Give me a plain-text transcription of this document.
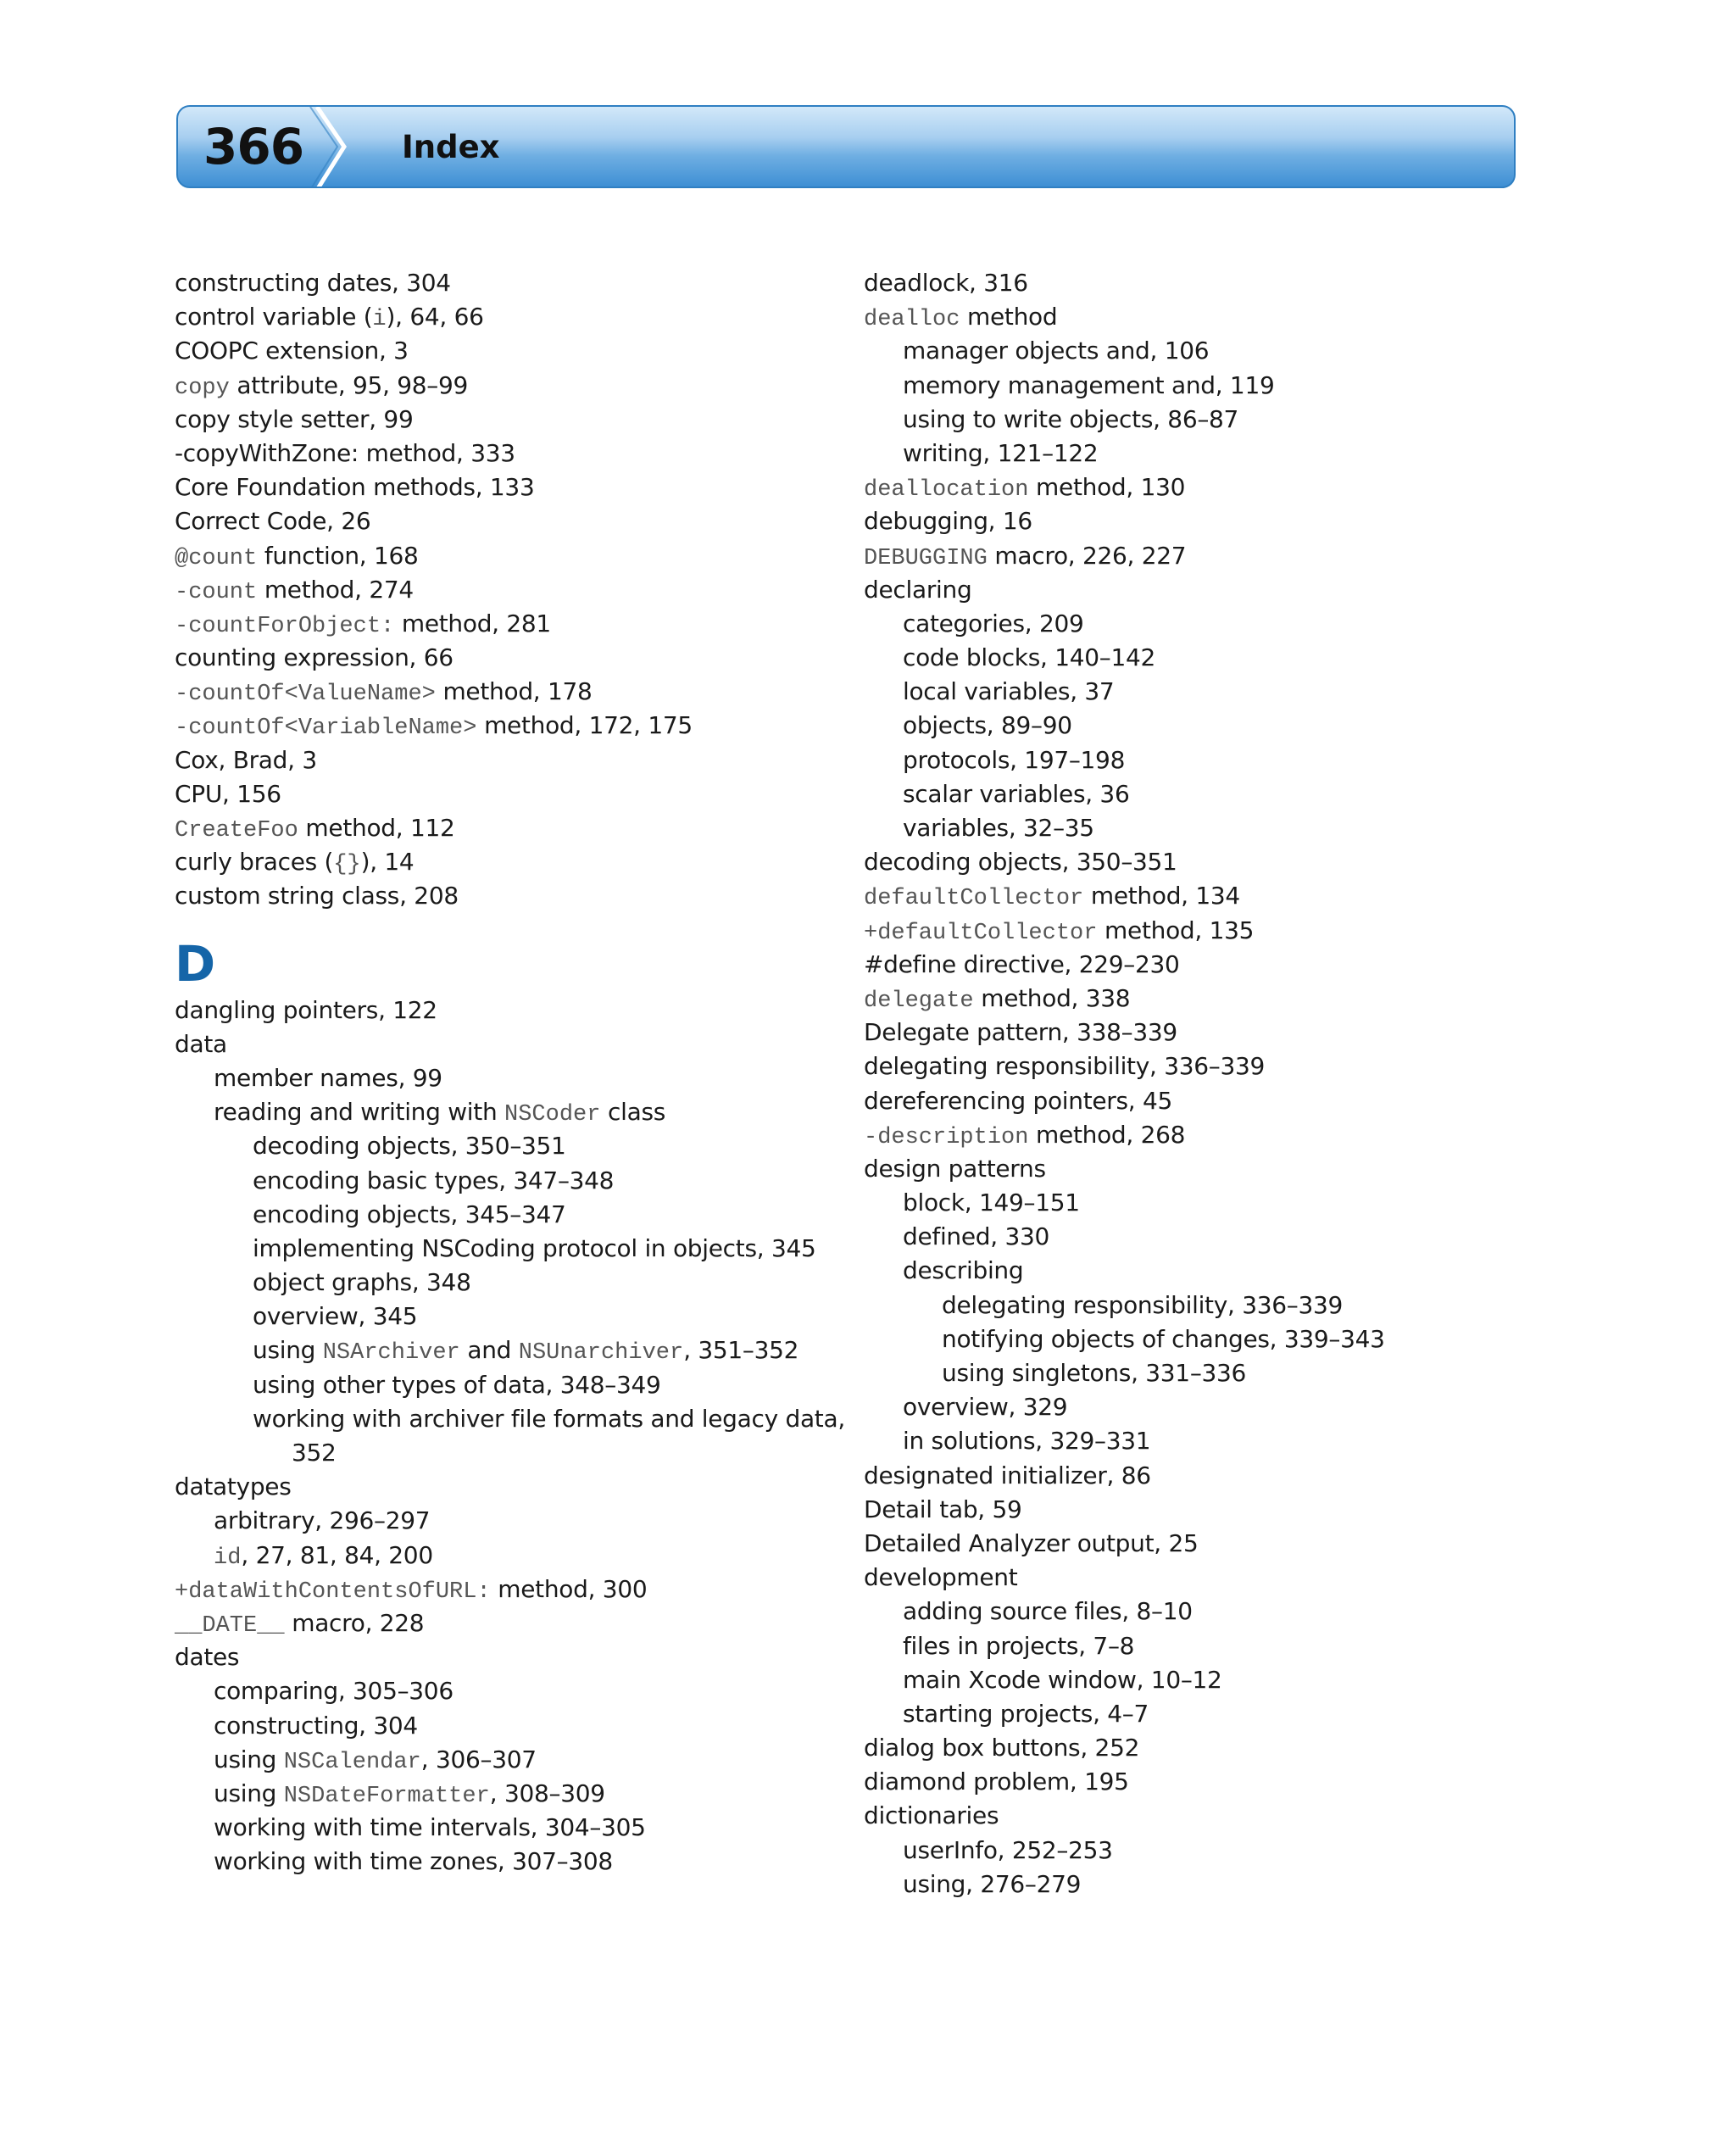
366	Index
constructing dates, 304
control variable (i), 64, 66
COOPC extension, 3
copy attribute, 95, 98–99
copy style setter, 99
-copyWithZone: method, 333
Core Foundation methods, 133
Correct Code, 26
@count function, 168
-count method, 274
-countForObject: method, 281
counting expression, 66
-countOf<ValueName> method, 178
-countOf<VariableName> method, 172, 175
Cox, Brad, 3
CPU, 156
CreateFoo method, 112
curly braces ({}), 14
custom string class, 208
D
dangling pointers, 122
data
member names, 99
reading and writing with NSCoder class
decoding objects, 350–351
encoding basic types, 347–348
encoding objects, 345–347
implementing NSCoding protocol in objects, 345
object graphs, 348
overview, 345
using NSArchiver and NSUnarchiver, 351–352
using other types of data, 348–349
working with archiver file formats and legacy data,
352
datatypes
arbitrary, 296–297
id, 27, 81, 84, 200
+dataWithContentsOfURL: method, 300
__DATE__ macro, 228
dates
comparing, 305–306
constructing, 304
using NSCalendar, 306–307
using NSDateFormatter, 308–309
working with time intervals, 304–305
working with time zones, 307–308
deadlock, 316
dealloc method
manager objects and, 106
memory management and, 119
using to write objects, 86–87
writing, 121–122
deallocation method, 130
debugging, 16
DEBUGGING macro, 226, 227
declaring
categories, 209
code blocks, 140–142
local variables, 37
objects, 89–90
protocols, 197–198
scalar variables, 36
variables, 32–35
decoding objects, 350–351
defaultCollector method, 134
+defaultCollector method, 135
#define directive, 229–230
delegate method, 338
Delegate pattern, 338–339
delegating responsibility, 336–339
dereferencing pointers, 45
-description method, 268
design patterns
block, 149–151
defined, 330
describing
delegating responsibility, 336–339
notifying objects of changes, 339–343
using singletons, 331–336
overview, 329
in solutions, 329–331
designated initializer, 86
Detail tab, 59
Detailed Analyzer output, 25
development
adding source files, 8–10
files in projects, 7–8
main Xcode window, 10–12
starting projects, 4–7
dialog box buttons, 252
diamond problem, 195
dictionaries
userInfo, 252–253
using, 276–279
